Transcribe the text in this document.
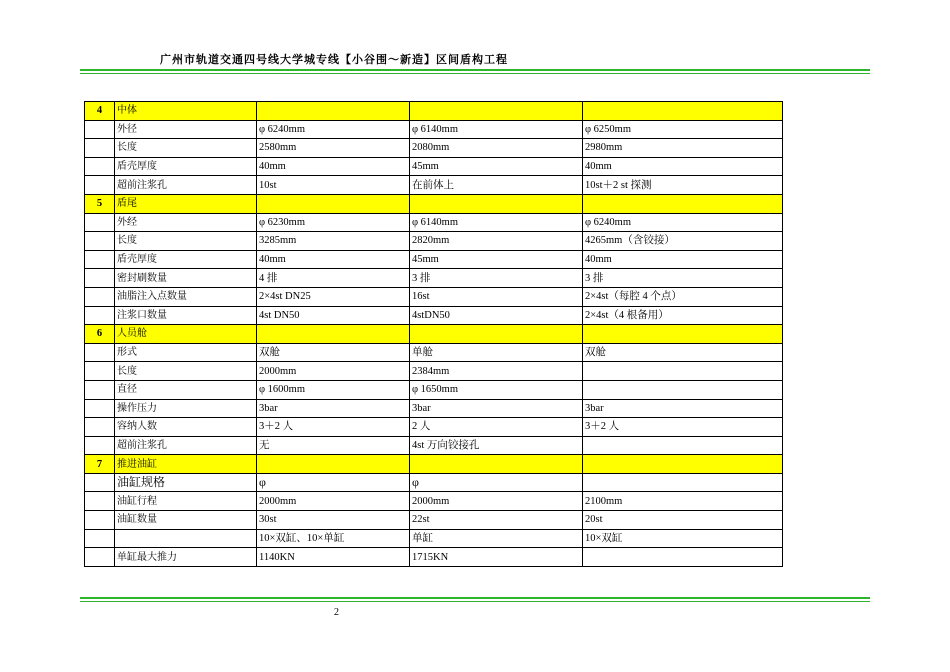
广州市轨道交通四号线大学城专线【小谷围～新造】区间盾构工程
4	中体			
	外径	φ 6240mm	φ 6140mm	φ 6250mm
	长度	2580mm	2080mm	2980mm
	盾壳厚度	40mm	45mm	40mm
	超前注浆孔	10st	在前体上	10st＋2 st 探测
5	盾尾			
	外经	φ 6230mm	φ 6140mm	φ 6240mm
	长度	3285mm	2820mm	4265mm（含铰接）
	盾壳厚度	40mm	45mm	40mm
	密封刷数量	4 排	3 排	3 排
	油脂注入点数量	2×4st DN25	16st	2×4st（每腔 4 个点）
	注浆口数量	4st DN50	4stDN50	2×4st（4 根备用）
6	人员舱			
	形式	双舱	单舱	双舱
	长度	2000mm	2384mm	
	直径	φ 1600mm	φ 1650mm	
	操作压力	3bar	3bar	3bar
	容纳人数	3＋2 人	2 人	3＋2 人
	超前注浆孔	无	4st 万向铰接孔	
7	推进油缸			
	油缸规格	φ	φ	
	油缸行程	2000mm	2000mm	2100mm
	油缸数量	30st	22st	20st
		10×双缸、10×单缸	单缸	10×双缸
	单缸最大推力	1140KN	1715KN	
2
